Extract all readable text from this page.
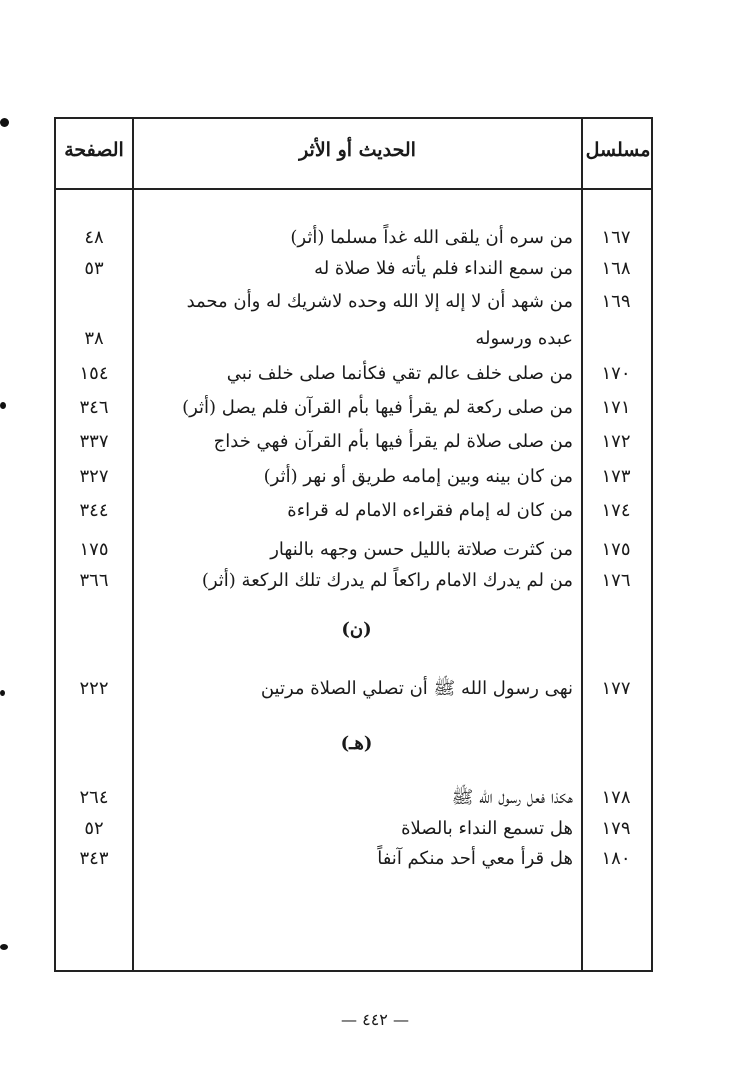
مسلسل
الحديث أو الأثر
الصفحة
١٦٧
من سره أن يلقى الله غداً مسلما (أثر)
٤٨
١٦٨
من سمع النداء فلم يأته فلا صلاة له
٥٣
١٦٩
من شهد أن لا إله إلا الله وحده لاشريك له وأن محمد
عبده ورسوله
٣٨
١٧٠
من صلى خلف عالم تقي فكأنما صلى خلف نبي
١٥٤
١٧١
من صلى ركعة لم يقرأ فيها بأم القرآن فلم يصل (أثر)
٣٤٦
١٧٢
من صلى صلاة لم يقرأ فيها بأم القرآن فهي خداج
٣٣٧
١٧٣
من كان بينه وبين إمامه طريق أو نهر (أثر)
٣٢٧
١٧٤
من كان له إمام فقراءه الامام له قراءة
٣٤٤
١٧٥
من كثرت صلاتة بالليل حسن وجهه بالنهار
١٧٥
١٧٦
من لم يدرك الامام راكعاً لم يدرك تلك الركعة (أثر)
٣٦٦
(ن)
١٧٧
نهى رسول الله ﷺ أن تصلي الصلاة مرتين
٢٢٢
(هـ)
١٧٨
هكذا فعل رسول الله ﷺ
٢٦٤
١٧٩
هل تسمع النداء بالصلاة
٥٢
١٨٠
هل قرأ معي أحد منكم آنفاً
٣٤٣
— ٤٤٢ —
